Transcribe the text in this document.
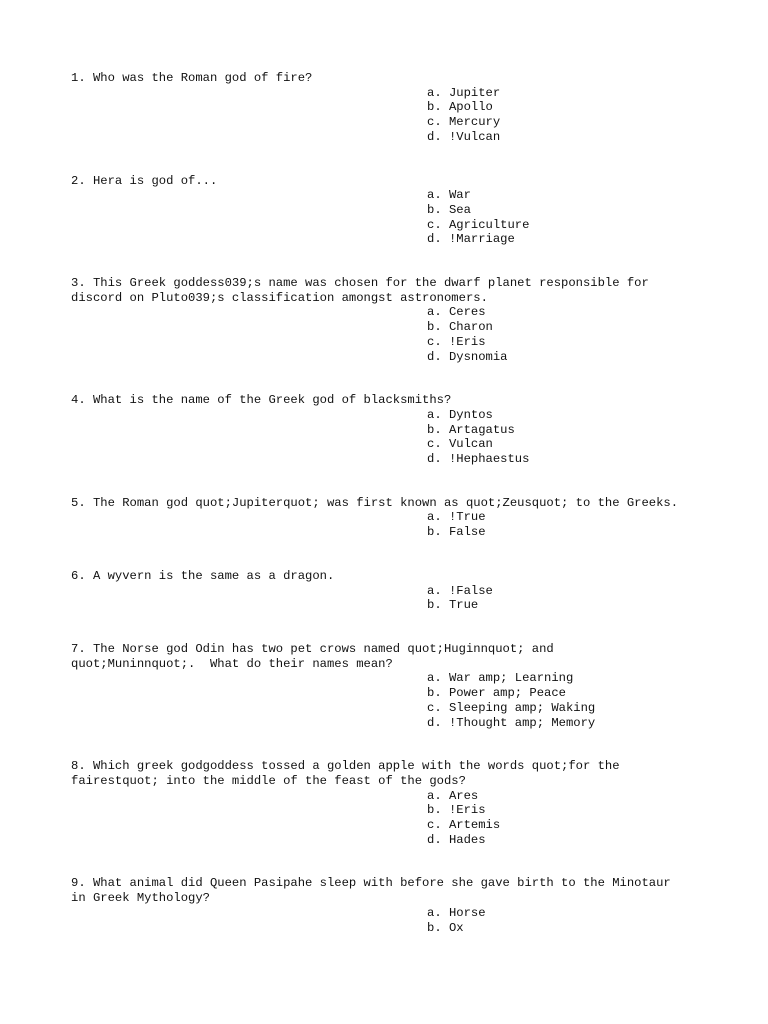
1. Who was the Roman god of fire?

a. Jupiter
b. Apollo
c. Mercury
d. !Vulcan

2. Hera is god of...

a. War
b. Sea
c. Agriculture
d. !Marriage

3. This Greek goddess039;s name was chosen for the dwarf planet responsible for
discord on Pluto039;s classification amongst astronomers.

a. Ceres
b. Charon
c. !Eris
d. Dysnomia

4. What is the name of the Greek god of blacksmiths?

a. Dyntos
b. Artagatus
c. Vulcan
d. !Hephaestus

5. The Roman god quot;Jupiterquot; was first known as quot;Zeusquot; to the Greeks.

a. !True
b. False

6. A wyvern is the same as a dragon.

a. !False
b. True

7. The Norse god Odin has two pet crows named quot;Huginnquot; and
quot;Muninnquot;.  What do their names mean?

a. War amp; Learning
b. Power amp; Peace
c. Sleeping amp; Waking
d. !Thought amp; Memory

8. Which greek godgoddess tossed a golden apple with the words quot;for the
fairestquot; into the middle of the feast of the gods?

a. Ares
b. !Eris
c. Artemis
d. Hades

9. What animal did Queen Pasipahe sleep with before she gave birth to the Minotaur
in Greek Mythology?

a. Horse
b. Ox
